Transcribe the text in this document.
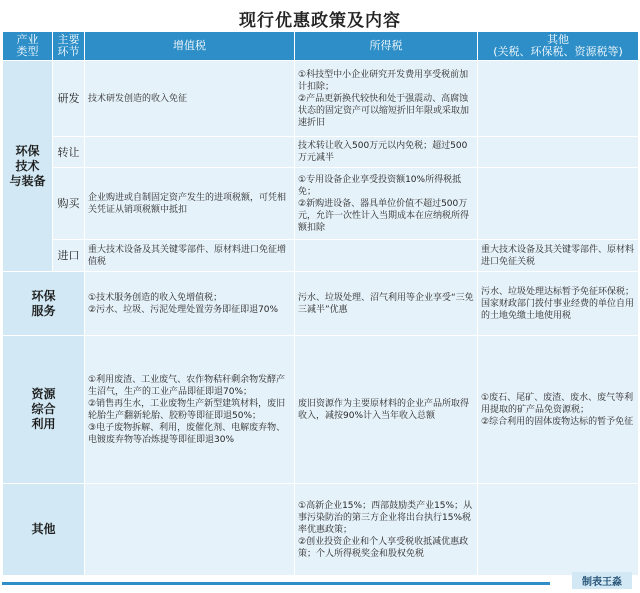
现行优惠政策及内容
产业
类型	主要
环节	增值税	所得税	其他
(关税、环保税、资源税等)
环保
技术
与装备	研发	技术研发创造的收入免征	①科技型中小企业研究开发费用享受税前加计扣除；
②产品更新换代较快和处于强震动、高腐蚀状态的固定资产可以缩短折旧年限或采取加速折旧	
	转让		技术转让收入500万元以内免税；超过500万元减半	
	购买	企业购进或自制固定资产发生的进项税额，可凭相关凭证从销项税额中抵扣	①专用设备企业享受投资额10%所得税抵免；
②新购进设备、器具单位价值不超过500万元，允许一次性计入当期成本在应纳税所得额扣除	
	进口	重大技术设备及其关键零部件、原材料进口免征增值税		重大技术设备及其关键零部件、原材料进口免征关税
环保
服务		①技术服务创造的收入免增值税；
②污水、垃圾、污泥处理处置劳务即征即退70%	污水、垃圾处理、沼气利用等企业享受“三免三减半”优惠	污水、垃圾处理达标暂予免征环保税；国家财政部门拨付事业经费的单位自用的土地免缴土地使用税
资源
综合
利用		①利用废渣、工业废气、农作物秸秆剩余物发酵产生沼气，生产的工业产品即征即退70%；
②销售再生水，工业废物生产新型建筑材料，废旧轮胎生产翻新轮胎、胶粉等即征即退50%；
③电子废物拆解、利用，废催化剂、电解废弃物、电镀废弃物等冶炼提等即征即退30%	废旧资源作为主要原材料的企业产品所取得收入，减按90%计入当年收入总额	①废石、尾矿、废渣、废水、废气等利用提取的矿产品免资源税；
②综合利用的固体废物达标的暂予免征
其他			①高新企业15%；西部鼓励类产业15%；从事污染防治的第三方企业将出台执行15%税率优惠政策；
②创业投资企业和个人享受税收抵减优惠政策；个人所得税奖金和股权免税	
制表王淼
